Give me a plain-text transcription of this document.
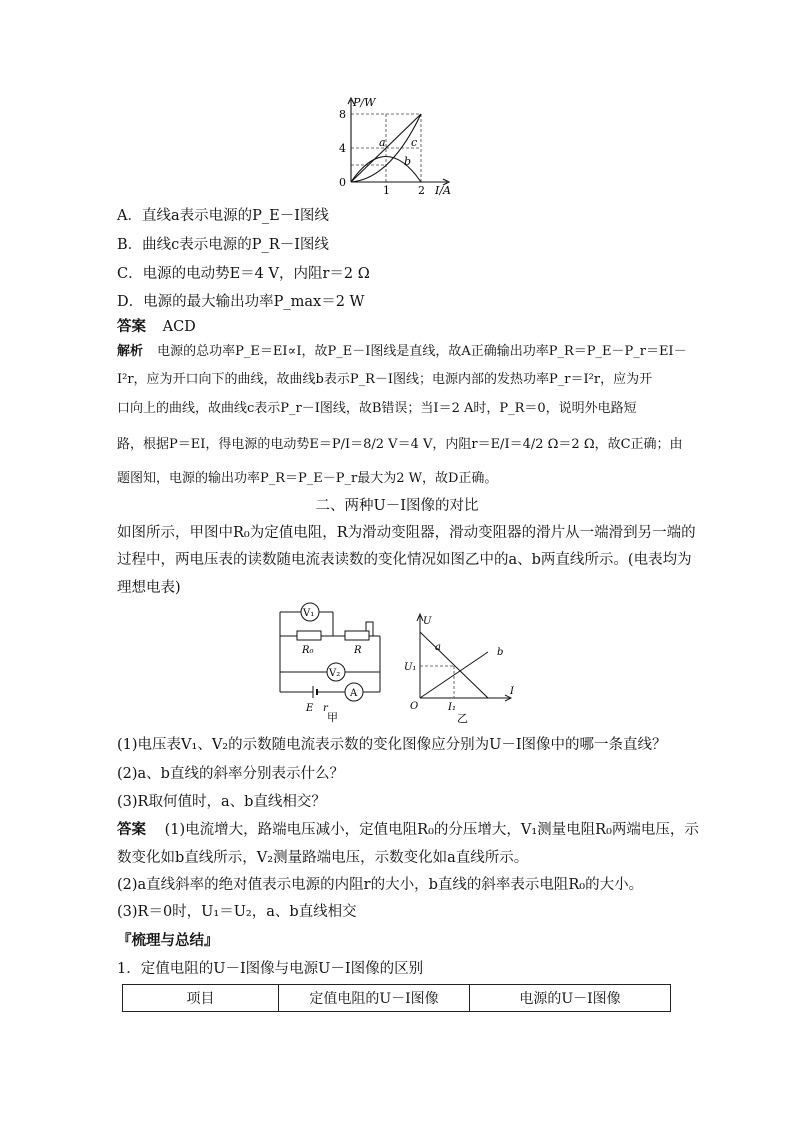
P/W
8
4
0
1	2 I/A
a c
b
A．直线a表示电源的P_E－I图线
B．曲线c表示电源的P_R－I图线
C．电源的电动势E＝4 V，内阻r＝2 Ω
D．电源的最大输出功率P_max＝2 W
答案 ACD
解析 电源的总功率P_E＝EI∝I，故P_E－I图线是直线，故A正确输出功率P_R＝P_E－P_r＝EI－
I²r，应为开口向下的曲线，故曲线b表示P_R－I图线；电源内部的发热功率P_r＝I²r，应为开
口向上的曲线，故曲线c表示P_r－I图线，故B错误；当I＝2 A时，P_R＝0，说明外电路短
路，根据P＝EI，得电源的电动势E＝P/I＝8/2 V＝4 V，内阻r＝E/I＝4/2 Ω＝2 Ω，故C正确；由
题图知，电源的输出功率P_R＝P_E－P_r最大为2 W，故D正确。
二、两种U－I图像的对比
如图所示，甲图中R₀为定值电阻，R为滑动变阻器，滑动变阻器的滑片从一端滑到另一端的
过程中，两电压表的读数随电流表读数的变化情况如图乙中的a、b两直线所示。(电表均为
理想电表)
V₁
V₂
A
R₀	R
E r
甲
U
I
O
U₁
I₁
a	b
乙
(1)电压表V₁、V₂的示数随电流表示数的变化图像应分别为U－I图像中的哪一条直线？
(2)a、b直线的斜率分别表示什么？
(3)R取何值时，a、b直线相交？
答案 (1)电流增大，路端电压减小，定值电阻R₀的分压增大，V₁测量电阻R₀两端电压，示
数变化如b直线所示，V₂测量路端电压，示数变化如a直线所示。
(2)a直线斜率的绝对值表示电源的内阻r的大小，b直线的斜率表示电阻R₀的大小。
(3)R＝0时，U₁＝U₂，a、b直线相交
『梳理与总结』
1．定值电阻的U－I图像与电源U－I图像的区别
项目	定值电阻的U－I图像	电源的U－I图像
